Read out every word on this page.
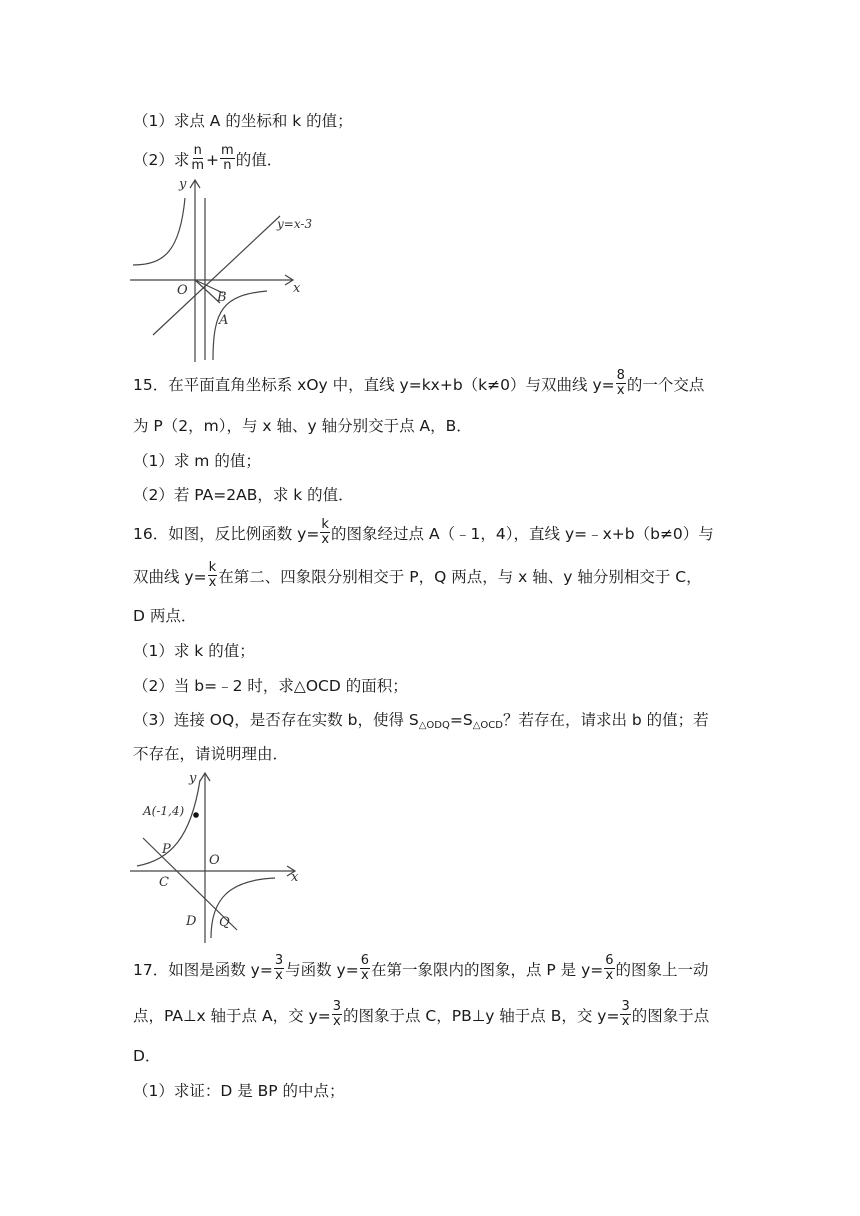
（1）求点 A 的坐标和 k 的值；
（2）求 $\frac{n}{m} + \frac{m}{n}$ 的值．
y
x
O B
A
y=x-3
15．在平面直角坐标系 xOy 中，直线 y=kx+b（k≠0）与双曲线 $y= \frac{8}{x}$ 的一个交点
为 P（2，m），与 x 轴、y 轴分别交于点 A，B．
（1）求 m 的值；
（2）若 PA=2AB，求 k 的值．
16．如图，反比例函数 $y= \frac{k}{x}$ 的图象经过点 A（﹣1，4），直线 y=﹣x+b（b≠0）与
双曲线 $y= \frac{k}{x}$ 在第二、四象限分别相交于 P，Q 两点，与 x 轴、y 轴分别相交于 C，
D 两点．
（1）求 k 的值；
（2）当 b=﹣2 时，求△OCD 的面积；
（3）连接 OQ，是否存在实数 b，使得 $S_{\triangle ODQ}=S_{\triangle OCD}$？若存在，请求出 b 的值；若
不存在，请说明理由．
A(-1,4)
y
x
O
P
C
D Q
17．如图是函数 $y= \frac{3}{x}$ 与函数 $y= \frac{6}{x}$ 在第一象限内的图象，点 P 是 $y= \frac{6}{x}$ 的图象上一动
点，PA⊥x 轴于点 A，交 $y= \frac{3}{x}$ 的图象于点 C，PB⊥y 轴于点 B，交 $y= \frac{3}{x}$ 的图象于点
D．
（1）求证：D 是 BP 的中点；
